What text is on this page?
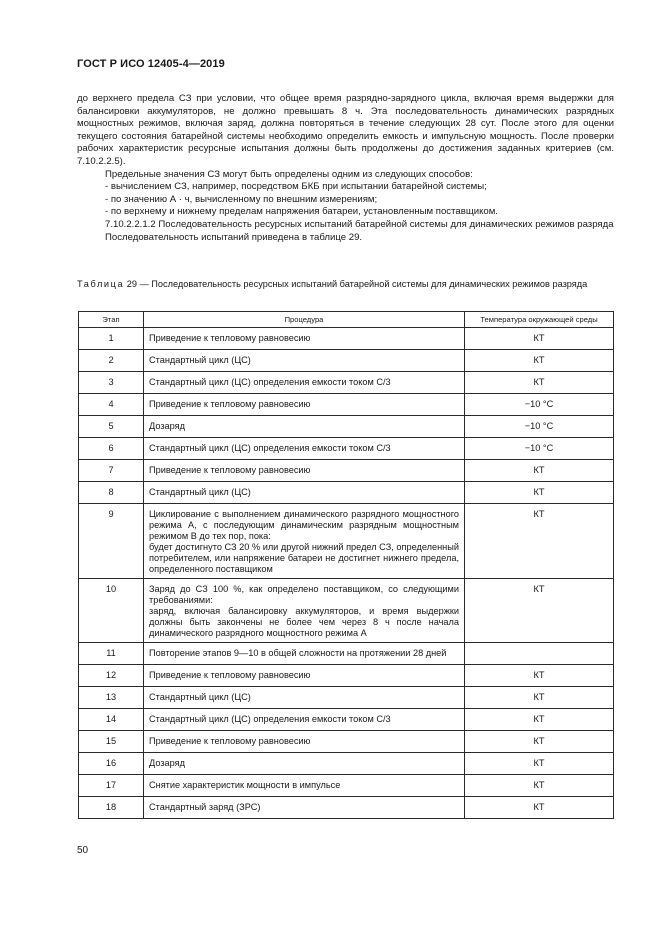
ГОСТ Р ИСО 12405-4—2019

до верхнего предела СЗ при условии, что общее время разрядно-зарядного цикла, включая время выдержки для балансировки аккумуляторов, не должно превышать 8 ч. Эта последовательность динамических разрядных мощностных режимов, включая заряд, должна повторяться в течение следующих 28 сут. После этого для оценки текущего состояния батарейной системы необходимо определить емкость и импульсную мощность. После проверки рабочих характеристик ресурсные испытания должны быть продолжены до достижения заданных критериев (см. 7.10.2.2.5).

Предельные значения СЗ могут быть определены одним из следующих способов:

- вычислением СЗ, например, посредством БКБ при испытании батарейной системы;

- по значению А · ч, вычисленному по внешним измерениям;

- по верхнему и нижнему пределам напряжения батареи, установленным поставщиком.

7.10.2.2.1.2 Последовательность ресурсных испытаний батарейной системы для динамических режимов разряда

Последовательность испытаний приведена в таблице 29.

Таблица 29 — Последовательность ресурсных испытаний батарейной системы для динамических режимов разряда
Этап	Процедура	Температура окружающей среды
1	Приведение к тепловому равновесию	КТ
2	Стандартный цикл (ЦС)	КТ
3	Стандартный цикл (ЦС) определения емкости током C/3	КТ
4	Приведение к тепловому равновесию	−10 °С
5	Дозаряд	−10 °С
6	Стандартный цикл (ЦС) определения емкости током C/3	−10 °С
7	Приведение к тепловому равновесию	КТ
8	Стандартный цикл (ЦС)	КТ
9	Циклирование с выполнением динамического разрядного мощностного режима А, с последующим динамическим разрядным мощностным режимом В до тех пор, пока:
будет достигнуто СЗ 20 % или другой нижний предел СЗ, определенный потребителем, или напряжение батареи не достигнет нижнего предела, определенного поставщиком	КТ
10	Заряд до СЗ 100 %, как определено поставщиком, со следующими требованиями:
заряд, включая балансировку аккумуляторов, и время выдержки должны быть закончены не более чем через 8 ч после начала динамического разрядного мощностного режима А	КТ
11	Повторение этапов 9—10 в общей сложности на протяжении 28 дней	
12	Приведение к тепловому равновесию	КТ
13	Стандартный цикл (ЦС)	КТ
14	Стандартный цикл (ЦС) определения емкости током C/3	КТ
15	Приведение к тепловому равновесию	КТ
16	Дозаряд	КТ
17	Снятие характеристик мощности в импульсе	КТ
18	Стандартный заряд (ЗРС)	КТ
50
